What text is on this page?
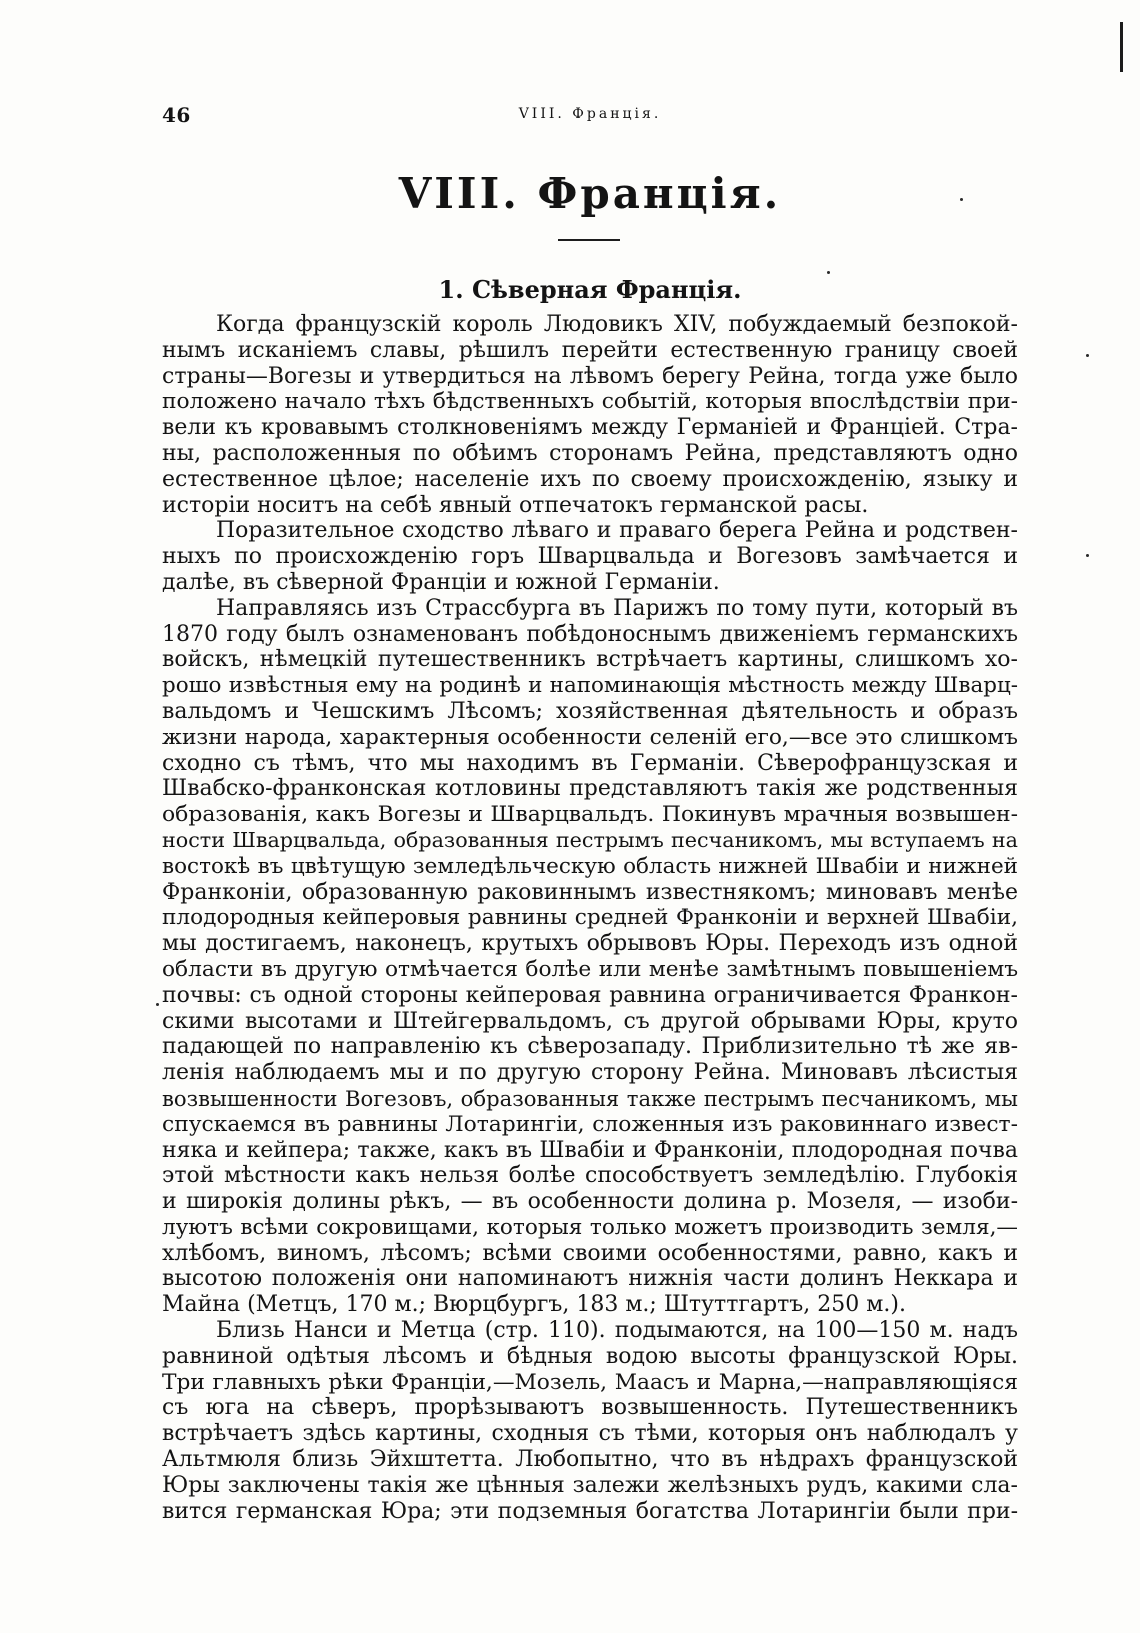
46	VIII. Францiя.
VIII. Францiя.
1. Сѣверная Францiя.
Когда французскiй король Людовикъ XIV, побуждаемый безпокой-
нымъ исканiемъ славы, рѣшилъ перейти естественную границу своей
страны—Вогезы и утвердиться на лѣвомъ берегу Рейна, тогда уже было
положено начало тѣхъ бѣдственныхъ событiй, которыя впослѣдствiи при-
вели къ кровавымъ столкновенiямъ между Германiей и Францiей. Стра-
ны, расположенныя по обѣимъ сторонамъ Рейна, представляютъ одно
естественное цѣлое; населенiе ихъ по своему происхожденiю, языку и
исторiи носитъ на себѣ явный отпечатокъ германской расы.
Поразительное сходство лѣваго и праваго берега Рейна и родствен-
ныхъ по происхожденiю горъ Шварцвальда и Вогезовъ замѣчается и
далѣе, въ сѣверной Францiи и южной Германiи.
Направляясь изъ Страссбурга въ Парижъ по тому пути, который въ
1870 году былъ ознаменованъ побѣдоноснымъ движенiемъ германскихъ
войскъ, нѣмецкiй путешественникъ встрѣчаетъ картины, слишкомъ хо-
рошо извѣстныя ему на родинѣ и напоминающiя мѣстность между Шварц-
вальдомъ и Чешскимъ Лѣсомъ; хозяйственная дѣятельность и образъ
жизни народа, характерныя особенности селенiй его,—все это слишкомъ
сходно съ тѣмъ, что мы находимъ въ Германiи. Сѣверофранцузская и
Швабско-франконская котловины представляютъ такiя же родственныя
образованiя, какъ Вогезы и Шварцвальдъ. Покинувъ мрачныя возвышен-
ности Шварцвальда, образованныя пестрымъ песчаникомъ, мы вступаемъ на
востокѣ въ цвѣтущую земледѣльческую область нижней Швабiи и нижней
Франконiи, образованную раковиннымъ известнякомъ; миновавъ менѣе
плодородныя кейперовыя равнины средней Франконiи и верхней Швабiи,
мы достигаемъ, наконецъ, крутыхъ обрывовъ Юры. Переходъ изъ одной
области въ другую отмѣчается болѣе или менѣе замѣтнымъ повышенiемъ
почвы: съ одной стороны кейперовая равнина ограничивается Франкон-
скими высотами и Штейгервальдомъ, съ другой обрывами Юры, круто
падающей по направленiю къ сѣверозападу. Приблизительно тѣ же яв-
ленiя наблюдаемъ мы и по другую сторону Рейна. Миновавъ лѣсистыя
возвышенности Вогезовъ, образованныя также пестрымъ песчаникомъ, мы
спускаемся въ равнины Лотарингiи, сложенныя изъ раковиннаго извест-
няка и кейпера; также, какъ въ Швабiи и Франконiи, плодородная почва
этой мѣстности какъ нельзя болѣе способствуетъ земледѣлiю. Глубокiя
и широкiя долины рѣкъ, — въ особенности долина р. Мозеля, — изоби-
луютъ всѣми сокровищами, которыя только можетъ производить земля,—
хлѣбомъ, виномъ, лѣсомъ; всѣми своими особенностями, равно, какъ и
высотою положенiя они напоминаютъ нижнiя части долинъ Неккара и
Майна (Метцъ, 170 м.; Вюрцбургъ, 183 м.; Штуттгартъ, 250 м.).
Близь Нанси и Метца (стр. 110). подымаются, на 100—150 м. надъ
равниной одѣтыя лѣсомъ и бѣдныя водою высоты французской Юры.
Три главныхъ рѣки Францiи,—Мозель, Маасъ и Марна,—направляющiяся
съ юга на сѣверъ, прорѣзываютъ возвышенность. Путешественникъ
встрѣчаетъ здѣсь картины, сходныя съ тѣми, которыя онъ наблюдалъ у
Альтмюля близь Эйхштетта. Любопытно, что въ нѣдрахъ французской
Юры заключены такiя же цѣнныя залежи желѣзныхъ рудъ, какими сла-
вится германская Юра; эти подземныя богатства Лотарингiи были при-
